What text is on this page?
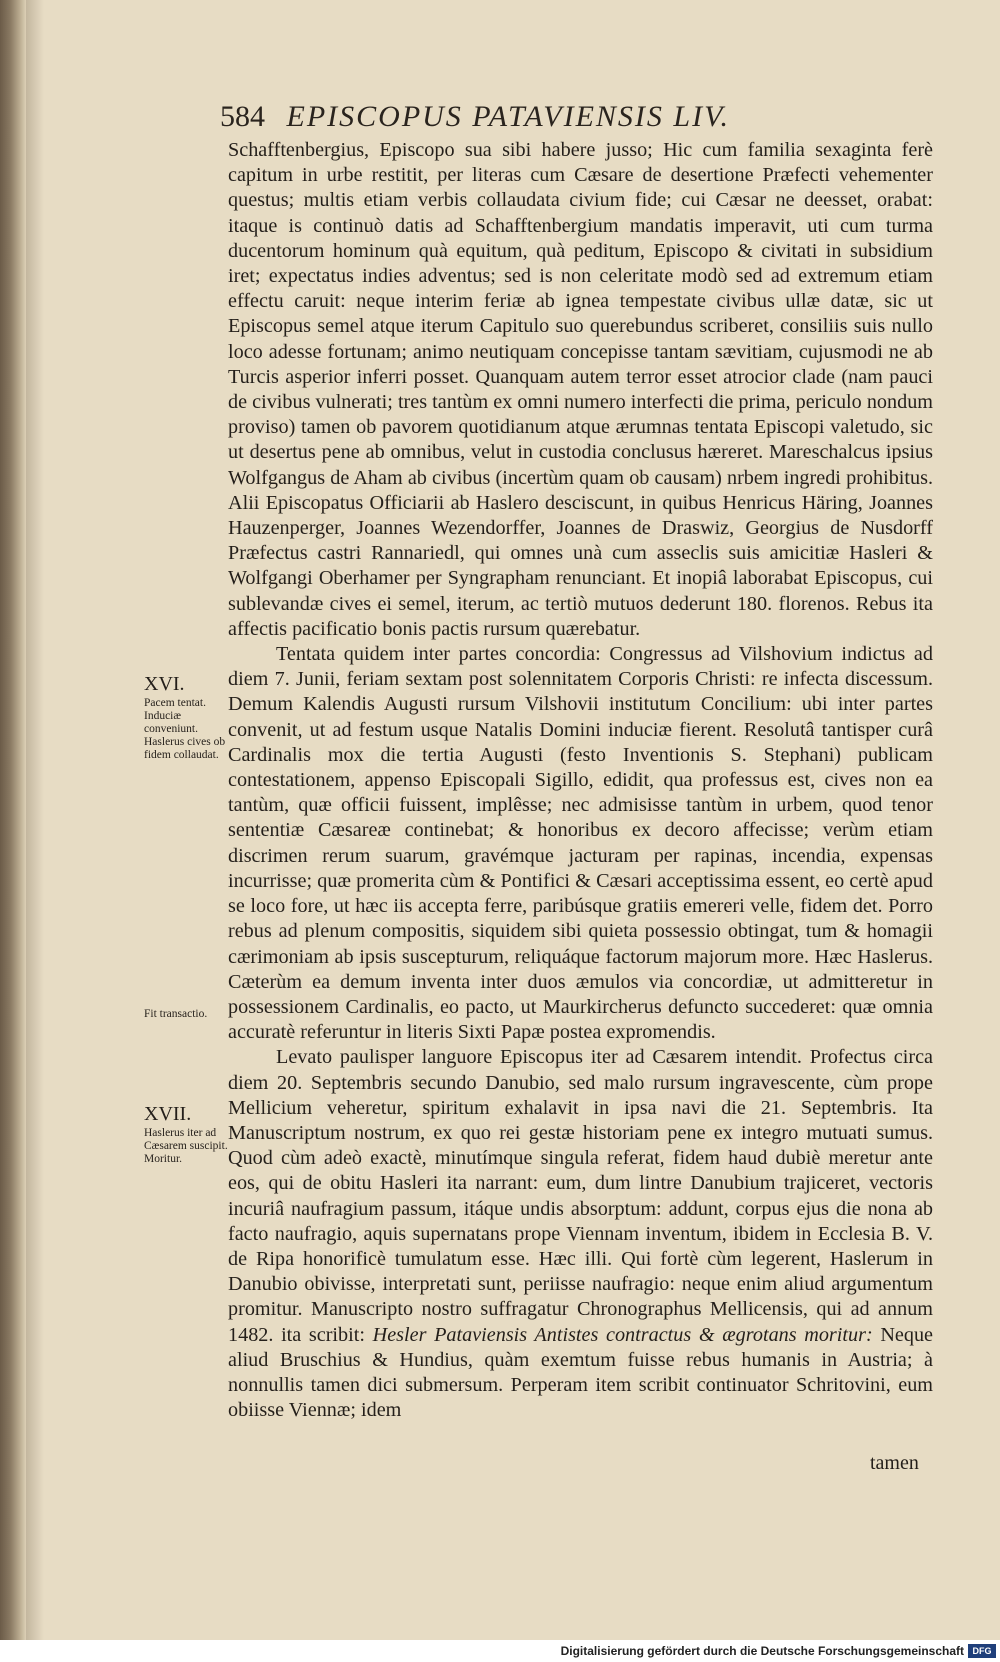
584 EPISCOPUS PATAVIENSIS LIV.
XVI.
Pacem tentat.
Induciæ conveniunt.
Haslerus cives ob fidem collaudat.
Fit transactio.
XVII.
Haslerus iter ad Cæsarem suscipit.
Moritur.

Schafftenbergius, Episcopo sua sibi habere jusso; Hic cum familia sexaginta ferè capitum in urbe restitit, per literas cum Cæsare de desertione Præfecti vehementer questus; multis etiam verbis collaudata civium fide; cui Cæsar ne deesset, orabat: itaque is continuò datis ad Schafftenbergium mandatis imperavit, uti cum turma ducentorum hominum quà equitum, quà peditum, Episcopo & civitati in subsidium iret; expectatus indies adventus; sed is non celeritate modò sed ad extremum etiam effectu caruit: neque interim feriæ ab ignea tempestate civibus ullæ datæ, sic ut Episcopus semel atque iterum Capitulo suo querebundus scriberet, consiliis suis nullo loco adesse fortunam; animo neutiquam concepisse tantam sævitiam, cujusmodi ne ab Turcis asperior inferri posset. Quanquam autem terror esset atrocior clade (nam pauci de civibus vulnerati; tres tantùm ex omni numero interfecti die prima, periculo nondum proviso) tamen ob pavorem quotidianum atque ærumnas tentata Episcopi valetudo, sic ut desertus pene ab omnibus, velut in custodia conclusus hæreret. Mareschalcus ipsius Wolfgangus de Aham ab civibus (incertùm quam ob causam) nrbem ingredi prohibitus. Alii Episcopatus Officiarii ab Haslero desciscunt, in quibus Henricus Häring, Joannes Hauzenperger, Joannes Wezendorffer, Joannes de Draswiz, Georgius de Nusdorff Præfectus castri Rannariedl, qui omnes unà cum asseclis suis amicitiæ Hasleri & Wolfgangi Oberhamer per Syngrapham renunciant. Et inopiâ laborabat Episcopus, cui sublevandæ cives ei semel, iterum, ac tertiò mutuos dederunt 180. florenos. Rebus ita affectis pacificatio bonis pactis rursum quærebatur.

Tentata quidem inter partes concordia: Congressus ad Vilshovium indictus ad diem 7. Junii, feriam sextam post solennitatem Corporis Christi: re infecta discessum. Demum Kalendis Augusti rursum Vilshovii institutum Concilium: ubi inter partes convenit, ut ad festum usque Natalis Domini induciæ fierent. Resolutâ tantisper curâ Cardinalis mox die tertia Augusti (festo Inventionis S. Stephani) publicam contestationem, appenso Episcopali Sigillo, edidit, qua professus est, cives non ea tantùm, quæ officii fuissent, implêsse; nec admisisse tantùm in urbem, quod tenor sententiæ Cæsareæ continebat; & honoribus ex decoro affecisse; verùm etiam discrimen rerum suarum, gravémque jacturam per rapinas, incendia, expensas incurrisse; quæ promerita cùm & Pontifici & Cæsari acceptissima essent, eo certè apud se loco fore, ut hæc iis accepta ferre, paribúsque gratiis emereri velle, fidem det. Porro rebus ad plenum compositis, siquidem sibi quieta possessio obtingat, tum & homagii cærimoniam ab ipsis suscepturum, reliquáque factorum majorum more. Hæc Haslerus. Cæterùm ea demum inventa inter duos æmulos via concordiæ, ut admitteretur in possessionem Cardinalis, eo pacto, ut Maurkircherus defuncto succederet: quæ omnia accuratè referuntur in literis Sixti Papæ postea expromendis.

Levato paulisper languore Episcopus iter ad Cæsarem intendit. Profectus circa diem 20. Septembris secundo Danubio, sed malo rursum ingravescente, cùm prope Mellicium veheretur, spiritum exhalavit in ipsa navi die 21. Septembris. Ita Manuscriptum nostrum, ex quo rei gestæ historiam pene ex integro mutuati sumus. Quod cùm adeò exactè, minutímque singula referat, fidem haud dubiè meretur ante eos, qui de obitu Hasleri ita narrant: eum, dum lintre Danubium trajiceret, vectoris incuriâ naufragium passum, itáque undis absorptum: addunt, corpus ejus die nona ab facto naufragio, aquis supernatans prope Viennam inventum, ibidem in Ecclesia B. V. de Ripa honorificè tumulatum esse. Hæc illi. Qui fortè cùm legerent, Haslerum in Danubio obivisse, interpretati sunt, periisse naufragio: neque enim aliud argumentum promitur. Manuscripto nostro suffragatur Chronographus Mellicensis, qui ad annum 1482. ita scribit: Hesler Pataviensis Antistes contractus & ægrotans moritur: Neque aliud Bruschius & Hundius, quàm exemtum fuisse rebus humanis in Austria; à nonnullis tamen dici submersum. Perperam item scribit continuator Schritovini, eum obiisse Viennæ; idem

tamen
Digitalisierung gefördert durch die Deutsche Forschungsgemeinschaft DFG
